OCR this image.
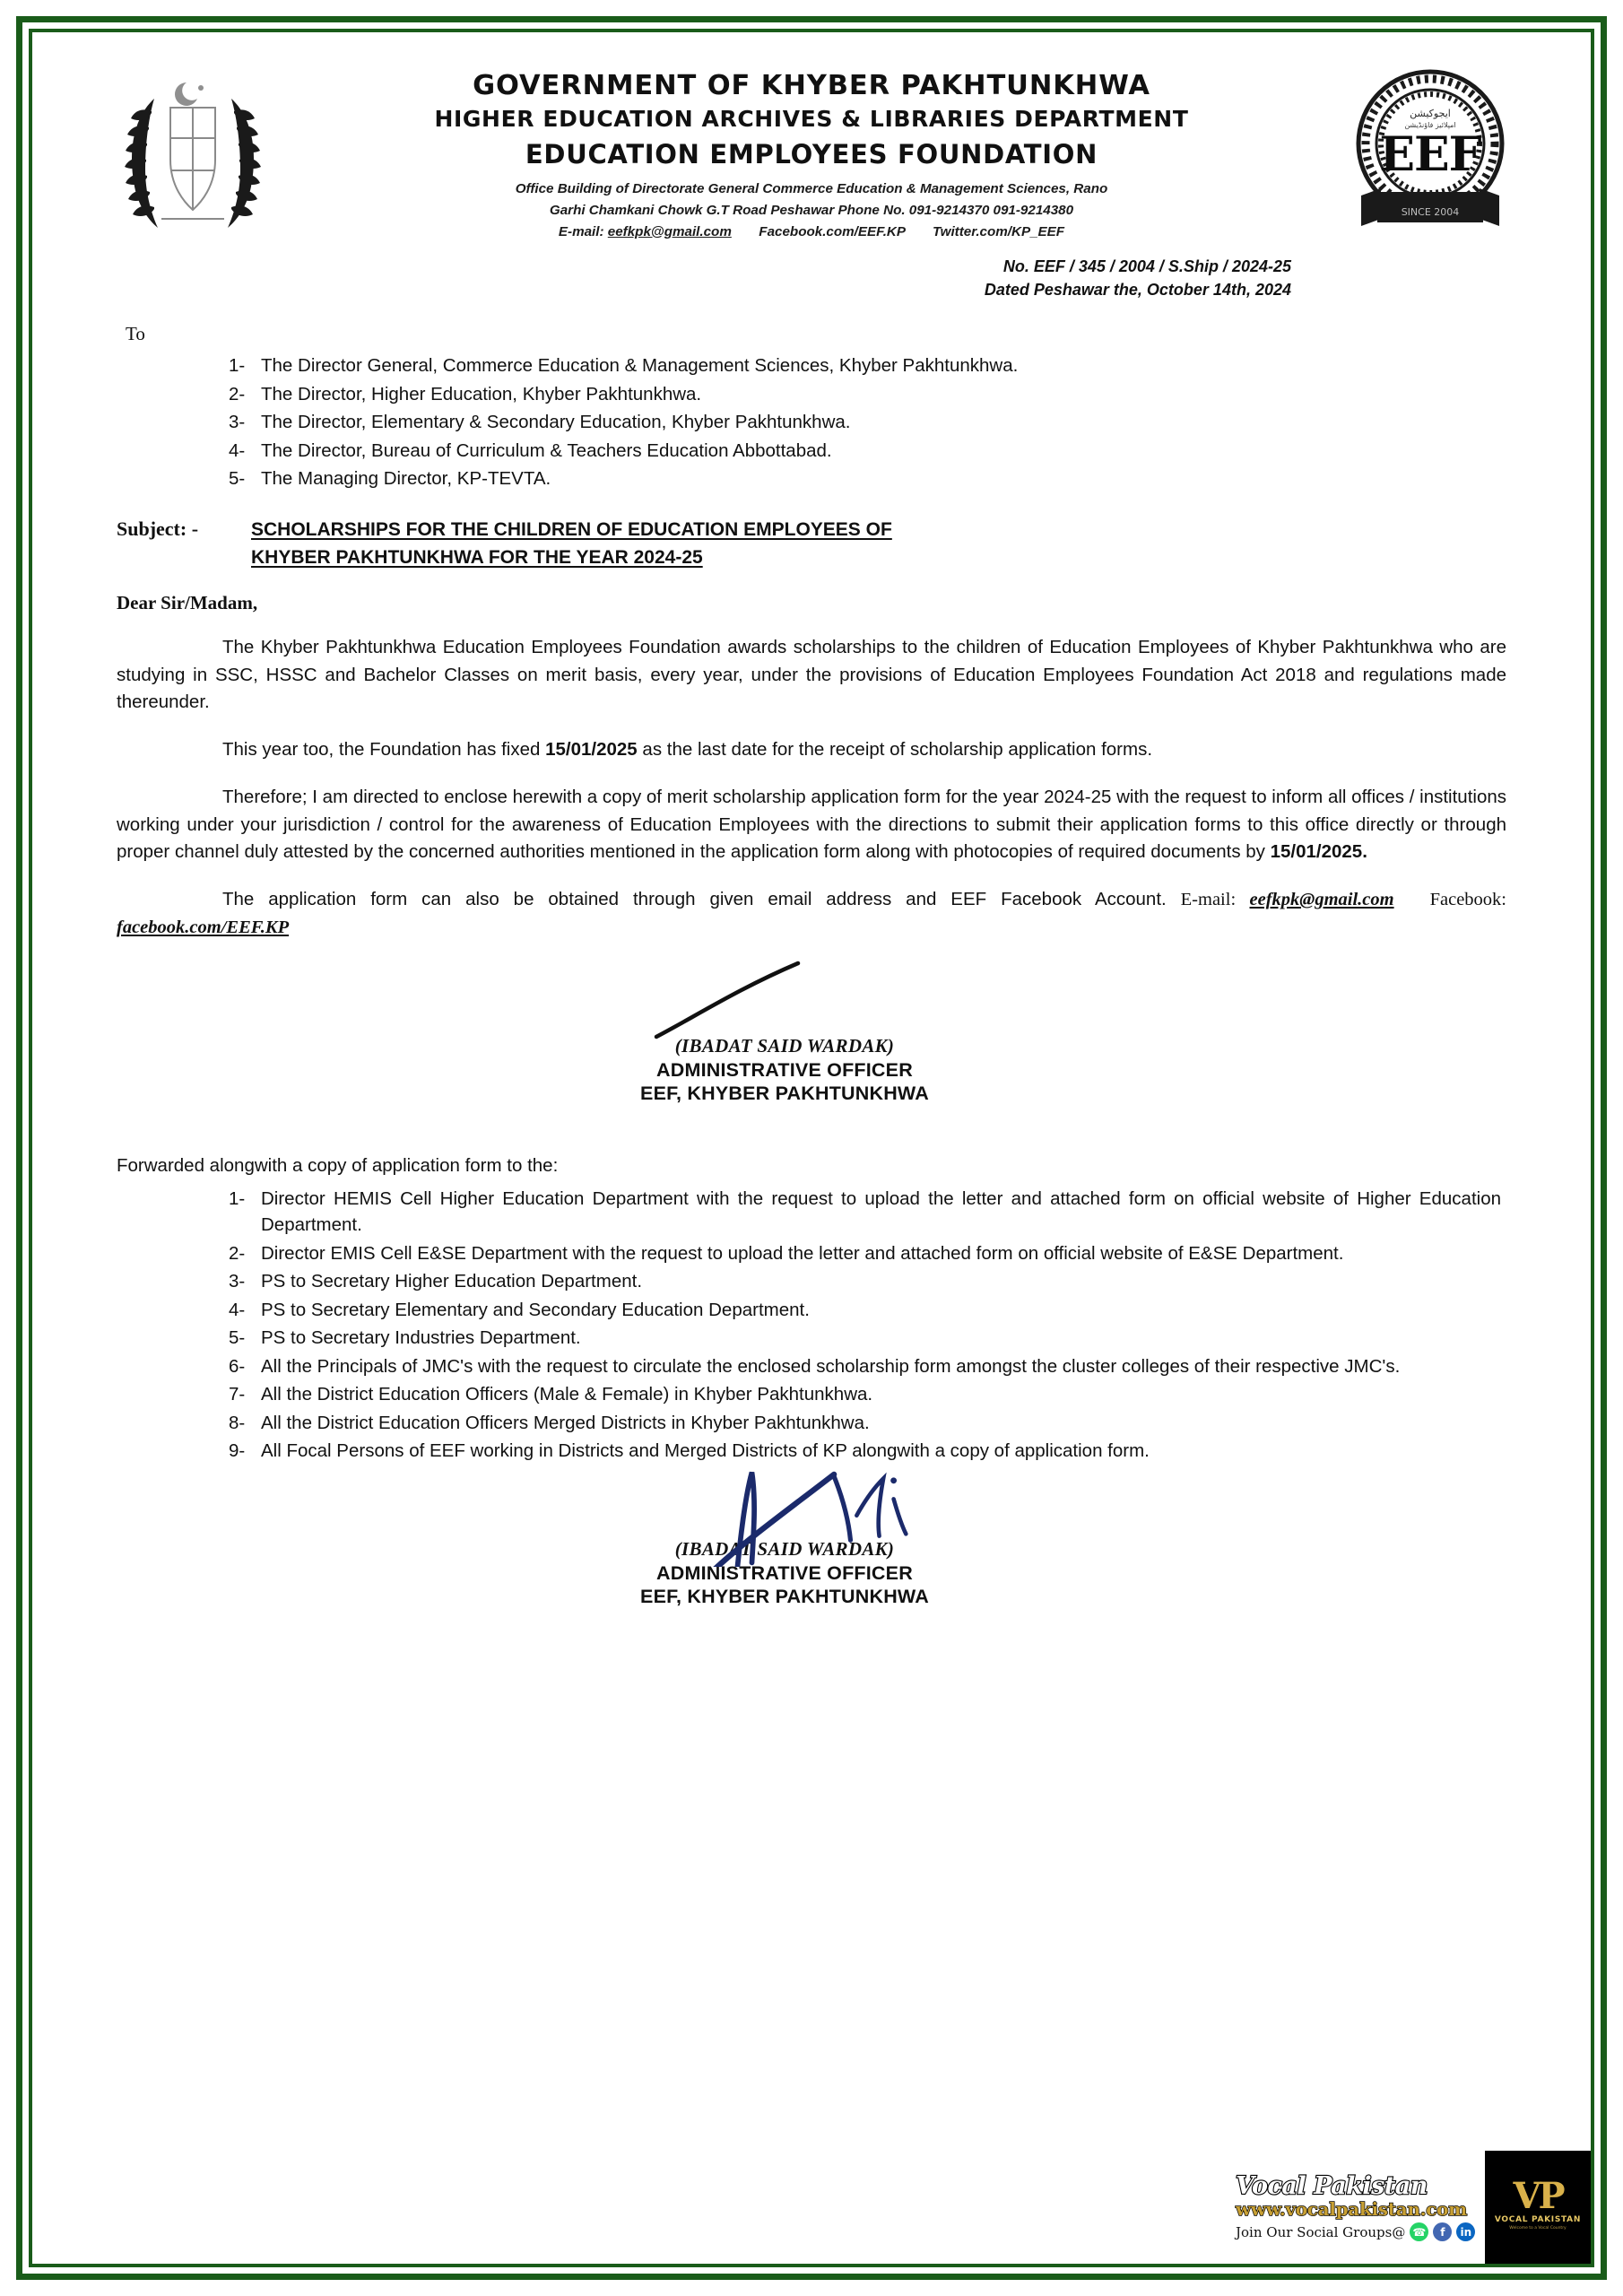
GOVERNMENT OF KHYBER PAKHTUNKHWA
HIGHER EDUCATION ARCHIVES & LIBRARIES DEPARTMENT
EDUCATION EMPLOYEES FOUNDATION
Office Building of Directorate General Commerce Education & Management Sciences, Rano
Garhi Chamkani Chowk G.T Road Peshawar Phone No. 091-9214370 091-9214380
E-mail: eefkpk@gmail.com Facebook.com/EEF.KP Twitter.com/KP_EEF
ايجوکیشن
امپلائیز فاؤنڈیشن
EEF
SINCE 2004
No. EEF / 345 / 2004 / S.Ship / 2024-25
Dated Peshawar the, October 14th, 2024
To
1- The Director General, Commerce Education & Management Sciences, Khyber Pakhtunkhwa.
2- The Director, Higher Education, Khyber Pakhtunkhwa.
3- The Director, Elementary & Secondary Education, Khyber Pakhtunkhwa.
4- The Director, Bureau of Curriculum & Teachers Education Abbottabad.
5- The Managing Director, KP-TEVTA.
Subject: -	SCHOLARSHIPS FOR THE CHILDREN OF EDUCATION EMPLOYEES OF
KHYBER PAKHTUNKHWA FOR THE YEAR 2024-25
Dear Sir/Madam,

The Khyber Pakhtunkhwa Education Employees Foundation awards scholarships to the children of Education Employees of Khyber Pakhtunkhwa who are studying in SSC, HSSC and Bachelor Classes on merit basis, every year, under the provisions of Education Employees Foundation Act 2018 and regulations made thereunder.

This year too, the Foundation has fixed 15/01/2025 as the last date for the receipt of scholarship application forms.

Therefore; I am directed to enclose herewith a copy of merit scholarship application form for the year 2024-25 with the request to inform all offices / institutions working under your jurisdiction / control for the awareness of Education Employees with the directions to submit their application forms to this office directly or through proper channel duly attested by the concerned authorities mentioned in the application form along with photocopies of required documents by 15/01/2025.

The application form can also be obtained through given email address and EEF Facebook Account. E-mail: eefkpk@gmail.com Facebook: facebook.com/EEF.KP

(IBADAT SAID WARDAK)
ADMINISTRATIVE OFFICER
EEF, KHYBER PAKHTUNKHWA
Forwarded alongwith a copy of application form to the:
1- Director HEMIS Cell Higher Education Department with the request to upload the letter and attached form on official website of Higher Education Department.
2- Director EMIS Cell E&SE Department with the request to upload the letter and attached form on official website of E&SE Department.
3- PS to Secretary Higher Education Department.
4- PS to Secretary Elementary and Secondary Education Department.
5- PS to Secretary Industries Department.
6- All the Principals of JMC's with the request to circulate the enclosed scholarship form amongst the cluster colleges of their respective JMC's.
7- All the District Education Officers (Male & Female) in Khyber Pakhtunkhwa.
8- All the District Education Officers Merged Districts in Khyber Pakhtunkhwa.
9- All Focal Persons of EEF working in Districts and Merged Districts of KP alongwith a copy of application form.
(IBADAT SAID WARDAK)
ADMINISTRATIVE OFFICER
EEF, KHYBER PAKHTUNKHWA
Vocal Pakistan
www.vocalpakistan.com
Join Our Social Groups@ ☎	f	in
VP
VOCAL PAKISTAN
Welcome to a Vocal Country
